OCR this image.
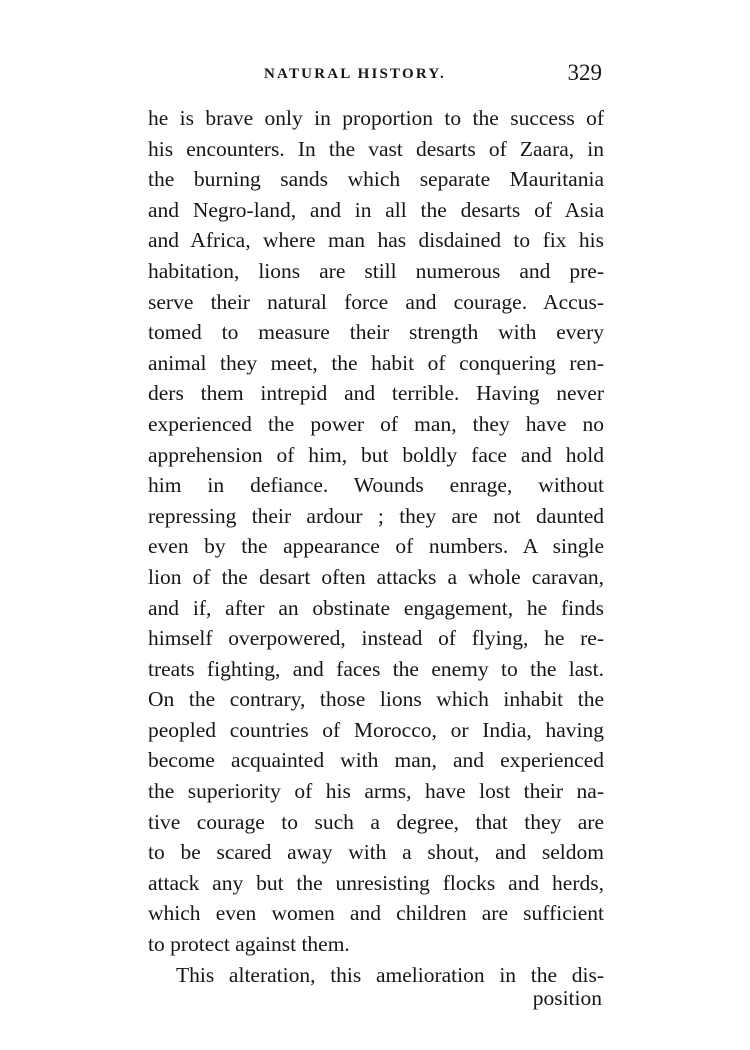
NATURAL HISTORY.	329
he is brave only in proportion to the success of
his encounters. In the vast desarts of Zaara, in
the burning sands which separate Mauritania
and Negro-land, and in all the desarts of Asia
and Africa, where man has disdained to fix his
habitation, lions are still numerous and pre-
serve their natural force and courage. Accus-
tomed to measure their strength with every
animal they meet, the habit of conquering ren-
ders them intrepid and terrible. Having never
experienced the power of man, they have no
apprehension of him, but boldly face and hold
him in defiance. Wounds enrage, without
repressing their ardour ; they are not daunted
even by the appearance of numbers. A single
lion of the desart often attacks a whole caravan,
and if, after an obstinate engagement, he finds
himself overpowered, instead of flying, he re-
treats fighting, and faces the enemy to the last.
On the contrary, those lions which inhabit the
peopled countries of Morocco, or India, having
become acquainted with man, and experienced
the superiority of his arms, have lost their na-
tive courage to such a degree, that they are
to be scared away with a shout, and seldom
attack any but the unresisting flocks and herds,
which even women and children are sufficient
to protect against them.
This alteration, this amelioration in the dis-
position
